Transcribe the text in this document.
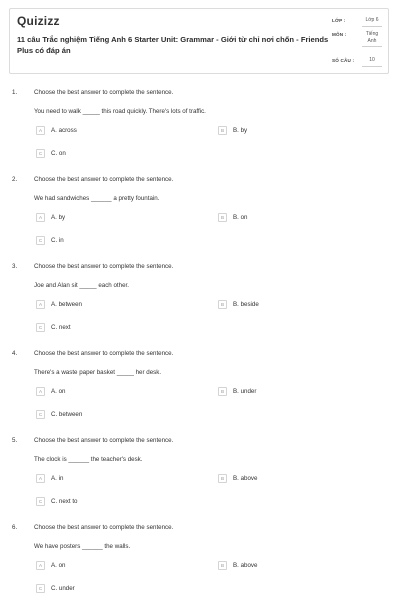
Quizizz
11 câu Trắc nghiệm Tiếng Anh 6 Starter Unit: Grammar - Giới từ chỉ nơi chốn - Friends Plus có đáp án
LỚP :	Lớp 6
MÔN :	Tiếng Anh
SỐ CÂU :	10
1.	Choose the best answer to complete the sentence.
You need to walk _____ this road quickly. There's lots of traffic.
A	A. across	B	B. by
C	C. on
2.	Choose the best answer to complete the sentence.
We had sandwiches ______ a pretty fountain.
A	A. by	B	B. on
C	C. in
3.	Choose the best answer to complete the sentence.
Joe and Alan sit _____ each other.
A	A. between	B	B. beside
C	C. next
4.	Choose the best answer to complete the sentence.
There's a waste paper basket _____ her desk.
A	A. on	B	B. under
C	C. between
5.	Choose the best answer to complete the sentence.
The clock is ______ the teacher's desk.
A	A. in	B	B. above
C	C. next to
6.	Choose the best answer to complete the sentence.
We have posters ______ the walls.
A	A. on	B	B. above
C	C. under
